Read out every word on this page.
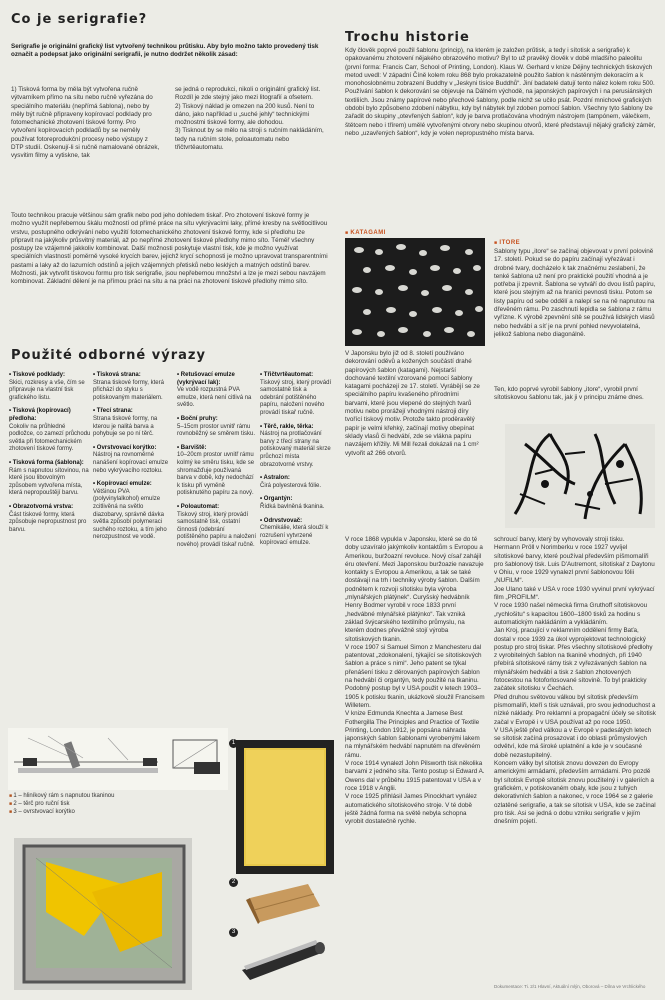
Co je serigrafie?

Serigrafie je originální grafický list vytvořený technikou průtisku. Aby bylo možno takto provedený tisk označit a podepsat jako originální serigrafii, je nutno dodržet několik zásad:

1) Tisková forma by měla být vytvořena ručně výtvarníkem přímo na sítu nebo ručně vyřezána do speciálního materiálu (nepřímá šablona), nebo by měly být ručně připraveny kopírovací podklady pro fotomechanické zhotovení tiskové formy. Pro vytvoření kopírovacích podkladů by se neměly používat fotoreprodukční procesy nebo výstupy z DTP studií. Oskenují-li si ručně namalované obrázek, vysvitim filmy a vytiskne, tak

se jedná o reprodukci, nikoli o originální grafický list. Rozdíl je zde stejný jako mezi litografií a ofsetem.
2) Tiskový náklad je omezen na 200 kusů. Není to dáno, jako například u „suché jehly“ technickými možnostmi tiskové formy, ale dohodou.
3) Tisknout by se mělo na stroji s ručním nakládáním, tedy na ručním stole, poloautomatu nebo třičtvrtěautomatu.

Touto technikou pracuje většinou sám grafik nebo pod jeho dohledem tiskař. Pro zhotovení tiskové formy je možno využít nepřebernou škálu možností od přímé práce na sítu vykrývacími laky, přímé kresby na světlocitlivou vrstvu, postupného odkrývání nebo využití fotomechanického zhotovení tiskové formy, kde si předlohu lze připravit na jakýkoliv průsvitný materiál, až po nepřímé zhotovení tiskové předlohy mimo síto. Téměř všechny postupy lze vzájemně jakkoliv kombinovat. Další možnosti poskytuje vlastní tisk, kde je možno využívat speciálních vlastností poměrně vysoké krycích barev, jejichž krycí schopnosti je možno upravovat transparentními pastami a laky až do lazurních odstínů a jejich vzájemných přetisků nebo lesklých a matných odstínů barev.
Možnosti, jak vytvořit tiskovou formu pro tisk serigrafie, jsou nepřebernou množství a lze je mezi sebou navzájem kombinovat. Základní dělení je na přímou práci na sítu a na práci na zhotovení tiskové předlohy mimo síto.

Použité odborné výrazy
• Tiskové podklady:
Skici, rozkresy a vše, čím se připravuje na vlastní tisk grafického listu.
• Tisková (kopírovací) předloha:
Cokoliv na průhledné podložce, co zamezí průchodu světla při fotomechanickém zhotovení tiskové formy.
• Tisková forma (šablona):
Rám s napnutou sítovinou, na které jsou libovolným způsobem vytvořena místa, která nepropouštějí barvu.
• Obrazotvorná vrstva:
Část tiskové formy, která způsobuje nepropustnost pro barvu.
• Tisková strana:
Strana tiskové formy, která přichází do styku s potiskovaným materiálem.
• Třecí strana:
Strana tiskové formy, na kterou je nalitá barva a pohybuje se po ní těrč.
• Ovrstvovací korýtko:
Nástroj na rovnoměrné nanášení kopírovací emulze nebo vykrývacího roztoku.
• Kopírovací emulze:
Většinou PVA (polyvinylalkohol) emulze zcitlivěná na světlo diazobarvy, správně dávka světla způsobí polymeraci suchého roztoku, a tím jeho nerozpustnost ve vodě.
• Retušovací emulze (vykrývací lak):
Ve vodě rozpustná PVA emulze, která není citlivá na světlo.
• Boční pruhy:
5–15cm prostor uvnitř rámu rovnoběžný se směrem tisku.
• Barviště:
10–20cm prostor uvnitř rámu kolmý ke směru tisku, kde se shromažďuje používaná barva v době, kdy nedochází k tisku při vyměně potisknutého papíru za nový.
• Poloautomat:
Tiskový stroj, který provádí samostatně tisk, ostatní činnosti (odebrání potištěného papíru a naložení nového) provádí tiskař ručně.
• Třičtvrtěautomat:
Tiskový stroj, který provádí samostatně tisk a odebrání potištěného papíru, naložení nového provádí tiskař ručně.
• Těrč, rakle, těrka:
Nástroj na protlačování barvy z třecí strany na potiskovaný materiál skrze průchozí místa obrazotvorné vrstvy.
• Astralon:
Čirá polyesterová fólie.
• Organtýn:
Řídká bavlněná tkanina.
• Odrvstvovač:
Chemikálie, která slouží k rozrušení vytvrzené kopírovací emulze.
■ 1 – hliníkový rám s napnutou tkaninou
■ 2 – těrč pro ruční tisk
■ 3 – ovrstvovací korýtko
1
2
3
Trochu historie

Kdy člověk poprvé použil šablonu (princip), na kterém je založen průtisk, a tedy i sítotisk a serigrafie) k opakovanému zhotovení nějakého obrazového motivu? Byl to už pravěký člověk v době mladšího paleolitu (první forma: Francis Carr, School of Printing, London). Klaus W. Gerhard v knize Dějiny technických tiskových metod uvedl: V západní Číně kolem roku 868 bylo prokazatelně použito šablon k nástěnným dekoracím a k monohoslobnému zobrazení Buddhy v „Jeskyni tisíce Buddhů“. Jiní badatelé datují tento nález kolem roku 500. Používání šablon k dekorování se objevuje na Dálném východě, na japonských papírových i na perusiánských textiliích. Jsou známy papírové nebo přechové šablony, podle nichž se učilo psát. Pozdní mnichové grafických období bylo způsobeno zdobení nábytku, kdy byl nábytek byl zdoben pomocí šablon. Všechny tyto šablony lze zařadit do skupiny „otevřených šablon“, kdy je barva protlačována vhodným nástrojem (tampónem, válečkem, štětcem nebo i třírem) umělé vytvořenými otvory nebo skupinou otvorů, které představují nějaký grafický záměr, nebo „uzavřených šablon“, kdy je volen nepropustného místa barva.

■ KATAGAMI

V Japonsku bylo již od 8. století používáno dekorování oděvů a kožených součástí drahé papírových šablon (katagami). Nejstarší dochované textilní vzorované pomocí šablony katagami pocházejí ze 17. století. Vyrábějí se ze speciálního papíru kvašeného přírodními barvami, které jsou vlepené do stejných tvarů motivu nebo prorážejí vhodnými nástroji díry tvořící tiskový motiv. Protože takto proděravělý papír je velmi křehký, začínají motivy obepínat sklady vlasů či hedvábí, zde se vlákna papíru navzájem křížily. Mi Mill řezali dokázali na 1 cm² vytvořit až 266 otvorů.

■ ITORE

Šablony typu „itore“ se začínaj objevovat v první polovině 17. století. Pokud se do papíru začínají vyřezávat i drobné tvary, docházelo k tak značnému zeslabení, že tenké šablona už není pro praktické použití vhodná a je potřeba ji zpevnit. Šablona se vytváří do dvou listů papíru, které jsou stejným až na hranici pevnosti tisku. Potom se listy papíru od sebe oddělí a nalepí se na ně napnutou na dřevěném rámu. Po zaschnutí lepidla se šablona z rámu vyřízne. K výrobě zpevnění sítě se používá lidských vlasů nebo hedvábí a síť je na první pohled nevyvolatelná, jelikož šablona nebo diagonálně.

Ten, kdo poprvé vyrobil šablony „itore“, vyrobil první sítotiskovou šablonu tak, jak ji v principu známe dnes.

V roce 1868 vypukla v Japonsku, které se do té doby uzavíralo jakýmkoliv kontaktům s Evropou a Amerikou, buržoazní revoluce. Nový císař zahájil éru otevření. Mezi Japonskou buržoazie navazuje kontakty s Evropou a Amerikou, a tak se také dostávají na trh i techniky výroby šablon. Dalším podnětem k rozvoji sítotisku byla výroba „mlynářských plátýnek“. Curyšský hedvábník Henry Bodmer vyrobil v roce 1833 první „hedvábné mlynářské plátýnko“. Tak vzniká základ švýcarského textilního průmyslu, na kterém dodnes převážně stojí výroba sítotiskových tkanin.
V roce 1907 si Samuel Simon z Manchesteru dal patentovat „zdokonalení, týkající se sítotiskových šablon a práce s nimi“. Jeho patent se týkal přenášení tisku z děrovaných papírových šablon na hedvábí či organtýn, tedy použité na tkaninu.
Podobný postup byl v USA použit v letech 1903–1905 k potisku tkanin, ukázkově sloužil Francisem Willetem.
V knize Edmunda Knechta a Jamese Best Fothergilla The Principles and Practice of Textile Printing, London 1912, je popsána náhrada japonských šablon šablonami vyrobenými lakem na mlynářském hedvábí napnutém na dřevěném rámu.
V roce 1914 vynalezl John Pilsworth tisk několika barvami z jedného síta. Tento postup si Edward A. Owens dal v průběhu 1915 patentovat v USA a v roce 1918 v Anglii.
V roce 1925 přihlásil James Pinockhart vynález automatického sítotiskového stroje. V té době ještě žádná forma na světě nebyla schopna vyrobit dostatečně rychle.

schroucí barvy, který by vyhovovaly stroji tisku.
Hermann Pröll v Norimberku v roce 1927 vyvíjel sítotiskové barvy, které používal především píšmomalíři pro šablonový tisk. Luis D'Autremont, sítotiskař z Daytonu v Ohiu, v roce 1929 vynalezl první šablonovou fólii „NUFILM“.
Joe Ulano také v USA v roce 1930 vyvinul první vykrývací film „PROFILM“.
V roce 1930 našel německá firma Gruthoff sítotiskovou „rychlošitu“ s kapacitou 1600–1800 tisků za hodinu s automatickým nakládáním a vykládáním.
Jan Kroj, pracující v reklamním oddělení firmy Baťa, dostal v roce 1939 za úkol vyprojektovat technologický postup pro stroj tiskar. Přes všechny sítotiskové předlohy z vyrobitelných šablon na tkanině vhodných, při 1940 přebírá sítotiskové rámy tisk z vyřezávaných šablon na mlynářském hedvábí a tisk z šablon zhotovených fotocestou na fotoforlosované sítovině. To byl prakticky začátek sítotisku v Čechách.
Před druhou světovou válkou byl sítotisk především písmomalíři, kteří s tisk uznávali, pro svou jednoduchost a nízké náklady. Pro reklamní a propagační účely se sítotisk začal v Evropě i v USA používat až po roce 1950.
V USA ještě před válkou a v Evropě v padesátých letech se sítotisk začíná prosazovat i do oblasti průmyslových odvětví, kde má široké uplatnění a kde je v současné době nezastupitelný.
Koncem války byl sítotisk znovu dovezen do Evropy americkými armádami, především armádami. Pro pozdě byl sítotisk Evropě sítotisk znovu použitelný i v galeriích a grafickém, v potiskovaném obaly, kde jsou z tuhých dekorativních šablon a nakonec, v roce 1964 se z galerie ozlatěné serigrafie, a tak se sítotisk v USA, kde se začínal pro tisk. Asi se jedná o dobu vzniku serigrafie v jejím dnešním pojetí.

Dokumentace: Ti. 2/1 Hlavní, Aktuální mlýn, Oborová – Dílna ve Vrchlického
